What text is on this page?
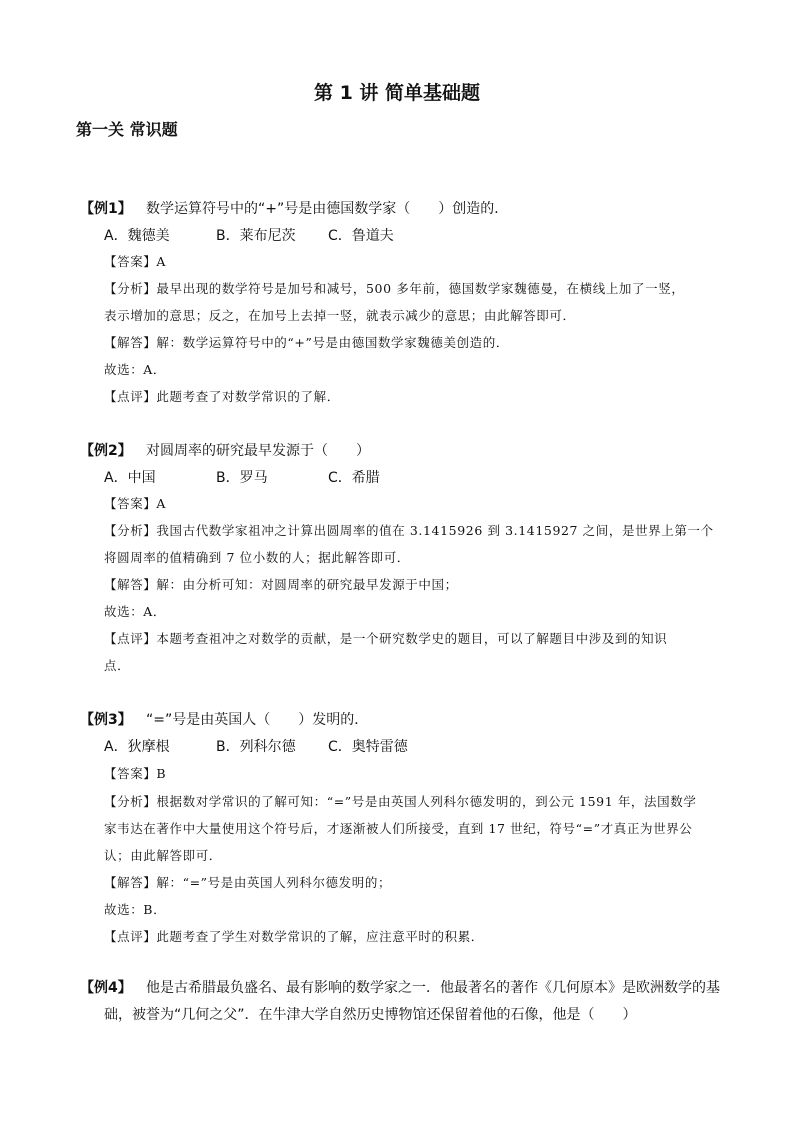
第 1 讲 简单基础题
第一关 常识题
【例1】 数学运算符号中的“+”号是由德国数学家（　　）创造的．
A．魏德美	B．莱布尼茨 C．鲁道夫
【答案】A
【分析】最早出现的数学符号是加号和减号，500 多年前，德国数学家魏德曼，在横线上加了一竖，
表示增加的意思；反之，在加号上去掉一竖，就表示减少的意思；由此解答即可．
【解答】解：数学运算符号中的“+”号是由德国数学家魏德美创造的．
故选：A．
【点评】此题考查了对数学常识的了解．
【例2】 对圆周率的研究最早发源于（　　）
A．中国	B．罗马	C．希腊
【答案】A
【分析】我国古代数学家祖冲之计算出圆周率的值在 3.1415926 到 3.1415927 之间，是世界上第一个
将圆周率的值精确到 7 位小数的人；据此解答即可．
【解答】解：由分析可知：对圆周率的研究最早发源于中国；
故选：A．
【点评】本题考查祖冲之对数学的贡献，是一个研究数学史的题目，可以了解题目中涉及到的知识
点．
【例3】 “=”号是由英国人（　　）发明的．
A．狄摩根	B．列科尔德 C．奥特雷德
【答案】B
【分析】根据数对学常识的了解可知：“=”号是由英国人列科尔德发明的，到公元 1591 年，法国数学
家韦达在著作中大量使用这个符号后，才逐渐被人们所接受，直到 17 世纪，符号“=”才真正为世界公
认；由此解答即可．
【解答】解：“=”号是由英国人列科尔德发明的；
故选：B．
【点评】此题考查了学生对数学常识的了解，应注意平时的积累．
【例4】 他是古希腊最负盛名、最有影响的数学家之一．他最著名的著作《几何原本》是欧洲数学的基
础，被誉为“几何之父”．在牛津大学自然历史博物馆还保留着他的石像，他是（　　）
